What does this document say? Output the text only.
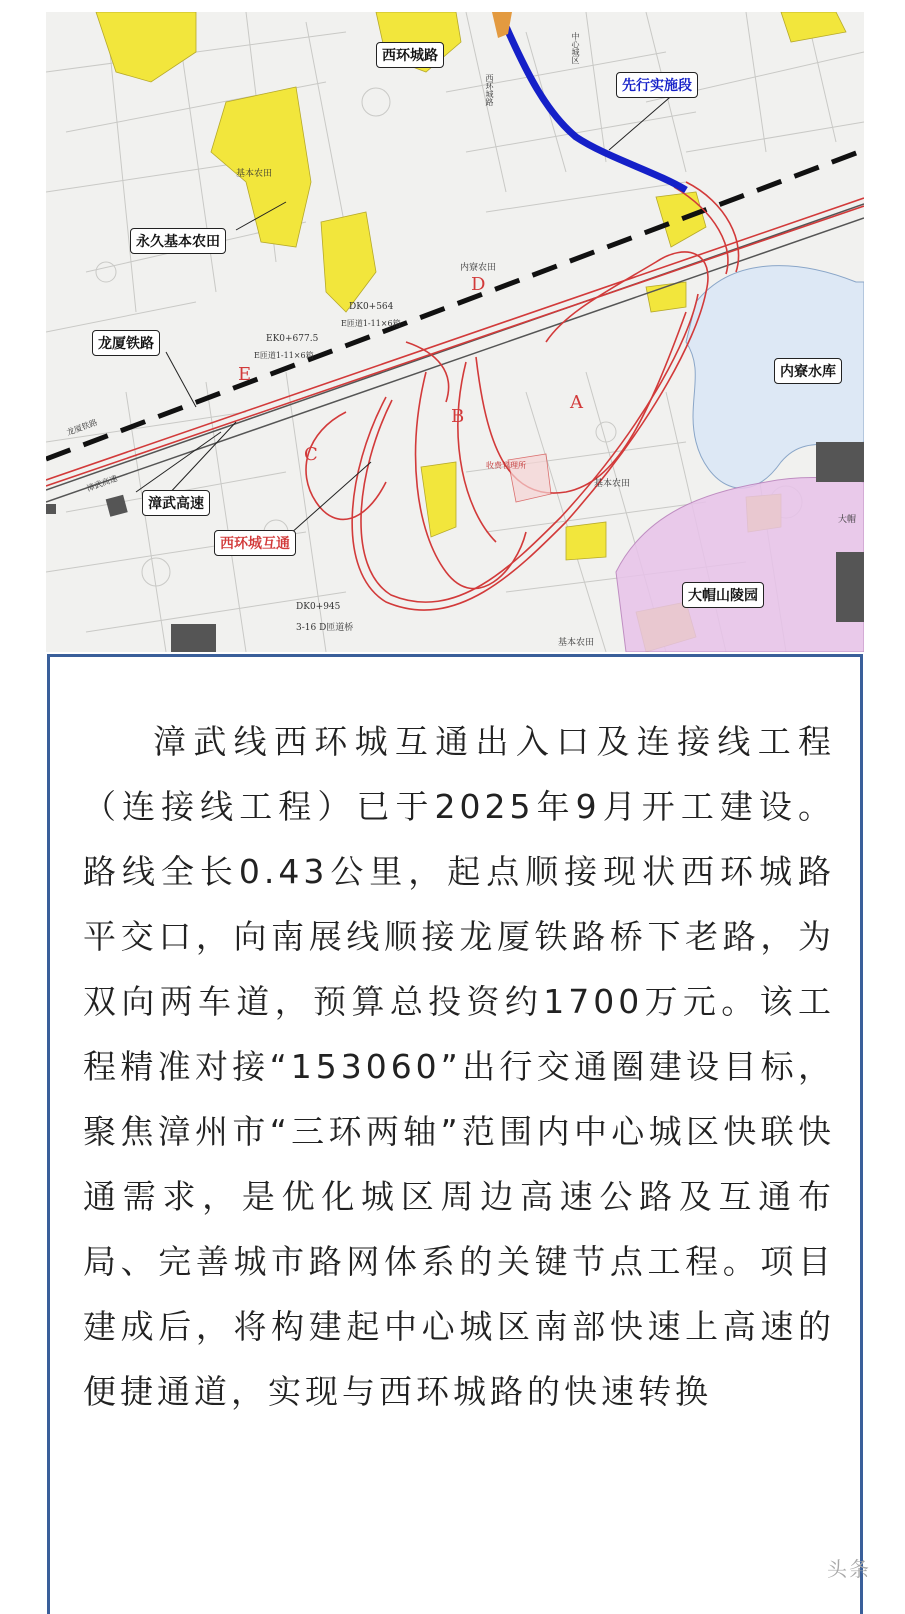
A
B
C
D
E
基本农田
内寮农田
基本农田
基本农田
收费管理所
DK0+564
E匝道1-11×6箱
EK0+677.5
E匝道1-11×6箱
DK0+945
3-16 D匝道桥
龙厦铁路
漳武高速
西环城路
中心城区
大帽
西环城路
先行实施段
永久基本农田
龙厦铁路
漳武高速
西环城互通
内寮水库
大帽山陵园

漳武线西环城互通出入口及连接线工程（连接线工程）已于2025年9月开工建设。路线全长0.43公里，起点顺接现状西环城路平交口，向南展线顺接龙厦铁路桥下老路，为双向两车道，预算总投资约1700万元。该工程精准对接“153060”出行交通圈建设目标，聚焦漳州市“三环两轴”范围内中心城区快联快通需求，是优化城区周边高速公路及互通布局、完善城市路网体系的关键节点工程。项目建成后，将构建起中心城区南部快速上高速的便捷通道，实现与西环城路的快速转换

头条
